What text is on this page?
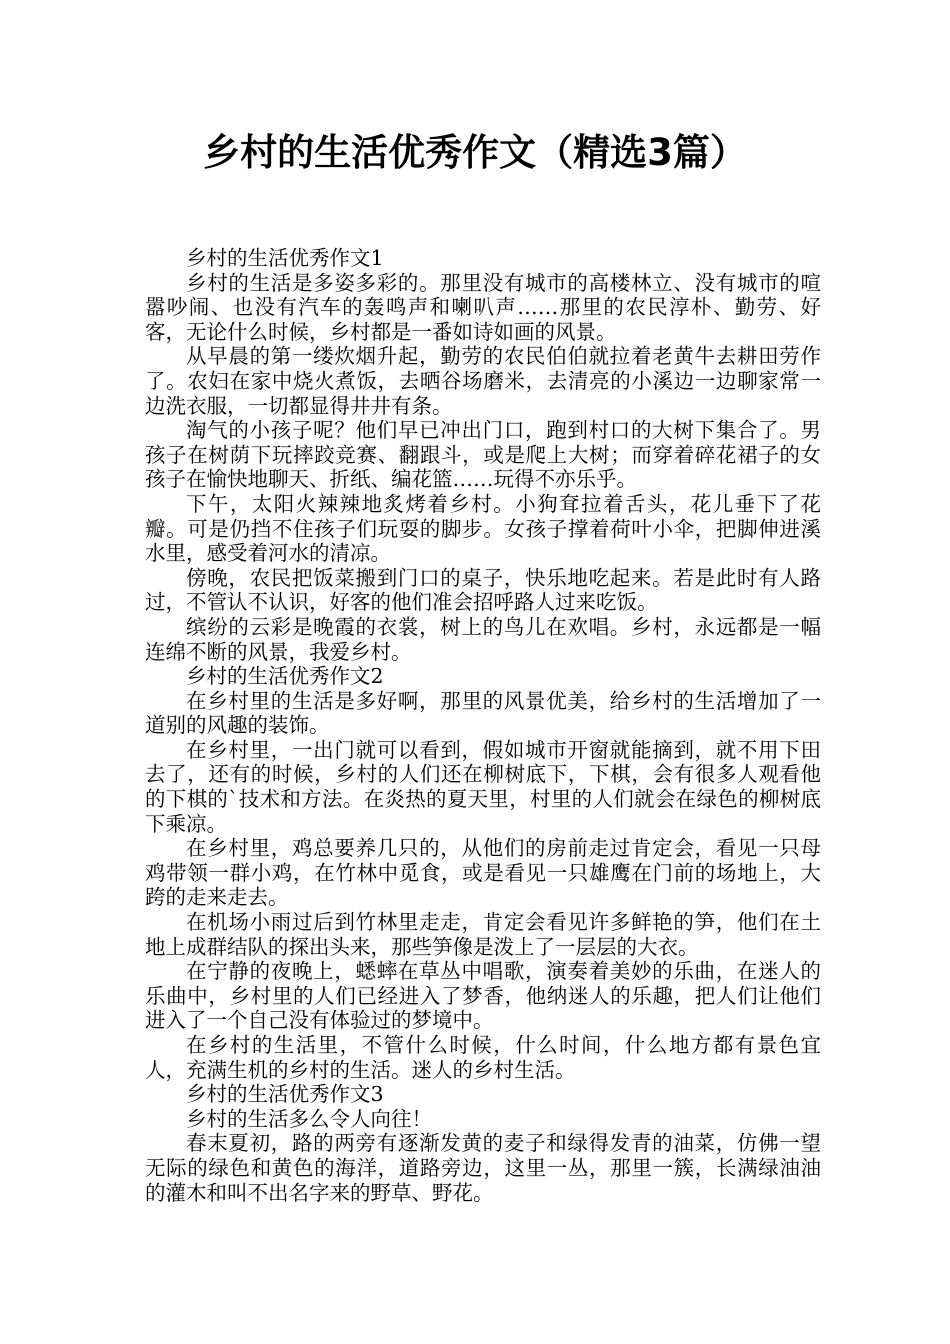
乡村的生活优秀作文（精选3篇）

乡村的生活优秀作文1

乡村的生活是多姿多彩的。那里没有城市的高楼林立、没有城市的喧嚣吵闹、也没有汽车的轰鸣声和喇叭声……那里的农民淳朴、勤劳、好客，无论什么时候，乡村都是一番如诗如画的风景。

从早晨的第一缕炊烟升起，勤劳的农民伯伯就拉着老黄牛去耕田劳作了。农妇在家中烧火煮饭，去晒谷场磨米，去清亮的小溪边一边聊家常一边洗衣服，一切都显得井井有条。

淘气的小孩子呢？他们早已冲出门口，跑到村口的大树下集合了。男孩子在树荫下玩摔跤竞赛、翻跟斗，或是爬上大树；而穿着碎花裙子的女孩子在愉快地聊天、折纸、编花篮……玩得不亦乐乎。

下午，太阳火辣辣地炙烤着乡村。小狗耷拉着舌头，花儿垂下了花瓣。可是仍挡不住孩子们玩耍的脚步。女孩子撑着荷叶小伞，把脚伸进溪水里，感受着河水的清凉。

傍晚，农民把饭菜搬到门口的桌子，快乐地吃起来。若是此时有人路过，不管认不认识，好客的他们准会招呼路人过来吃饭。

缤纷的云彩是晚霞的衣裳，树上的鸟儿在欢唱。乡村，永远都是一幅连绵不断的风景，我爱乡村。

乡村的生活优秀作文2

在乡村里的生活是多好啊，那里的风景优美，给乡村的生活增加了一道别的风趣的装饰。

在乡村里，一出门就可以看到，假如城市开窗就能摘到，就不用下田去了，还有的时候，乡村的人们还在柳树底下，下棋，会有很多人观看他的下棋的`技术和方法。在炎热的夏天里，村里的人们就会在绿色的柳树底下乘凉。

在乡村里，鸡总要养几只的，从他们的房前走过肯定会，看见一只母鸡带领一群小鸡，在竹林中觅食，或是看见一只雄鹰在门前的场地上，大跨的走来走去。

在机场小雨过后到竹林里走走，肯定会看见许多鲜艳的笋，他们在土地上成群结队的探出头来，那些笋像是泼上了一层层的大衣。

在宁静的夜晚上，蟋蟀在草丛中唱歌，演奏着美妙的乐曲，在迷人的乐曲中，乡村里的人们已经进入了梦香，他纳迷人的乐趣，把人们让他们进入了一个自己没有体验过的梦境中。

在乡村的生活里，不管什么时候，什么时间，什么地方都有景色宜人，充满生机的乡村的生活。迷人的乡村生活。

乡村的生活优秀作文3

乡村的生活多么令人向往！

春末夏初，路的两旁有逐渐发黄的麦子和绿得发青的油菜，仿佛一望无际的绿色和黄色的海洋，道路旁边，这里一丛，那里一簇，长满绿油油的灌木和叫不出名字来的野草、野花。
